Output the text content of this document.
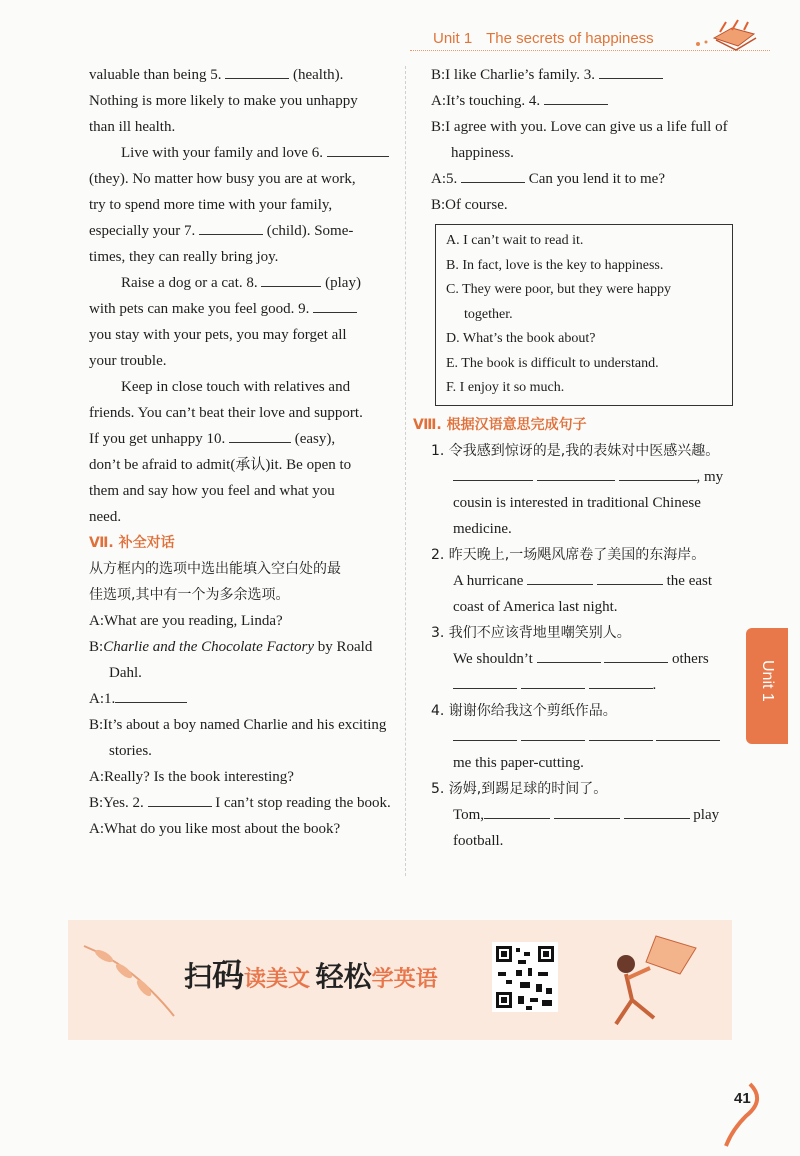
Unit 1 The secrets of happiness

valuable than being 5.	(health).

Nothing is more likely to make you unhappy

than ill health.

Live with your family and love 6.

(they). No matter how busy you are at work,

try to spend more time with your family,

especially your 7.	(child). Some-

times, they can really bring joy.

Raise a dog or a cat. 8.	(play)

with pets can make you feel good. 9.

you stay with your pets, you may forget all

your trouble.

Keep in close touch with relatives and

friends. You can’t beat their love and support.

If you get unhappy 10.	(easy),

don’t be afraid to admit(承认)it. Be open to

them and say how you feel and what you

need.

Ⅶ. 补全对话

从方框内的选项中选出能填入空白处的最

佳选项,其中有一个为多余选项。

A:What are you reading, Linda?

B:Charlie and the Chocolate Factory by Roald Dahl.

A:1.

B:It’s about a boy named Charlie and his exciting stories.

A:Really? Is the book interesting?

B:Yes. 2.	I can’t stop reading the book.

A:What do you like most about the book?

B:I like Charlie’s family. 3.

A:It’s touching. 4.

B:I agree with you. Love can give us a life full of happiness.

A:5.	Can you lend it to me?

B:Of course.

A. I can’t wait to read it.

B. In fact, love is the key to happiness.

C. They were poor, but they were happy together.

D. What’s the book about?

E. The book is difficult to understand.

F. I enjoy it so much.

Ⅷ. 根据汉语意思完成句子

1. 令我感到惊讶的是,我的表妹对中医感兴趣。

, my

cousin is interested in traditional Chinese

medicine.

2. 昨天晚上,一场飓风席卷了美国的东海岸。

A hurricane	the east

coast of America last night.

3. 我们不应该背地里嘲笑别人。

We shouldn’t	others

.

4. 谢谢你给我这个剪纸作品。

me this paper-cutting.

5. 汤姆,到踢足球的时间了。

Tom,	play

football.

Unit 1
扫码读美文 轻松学英语
41
